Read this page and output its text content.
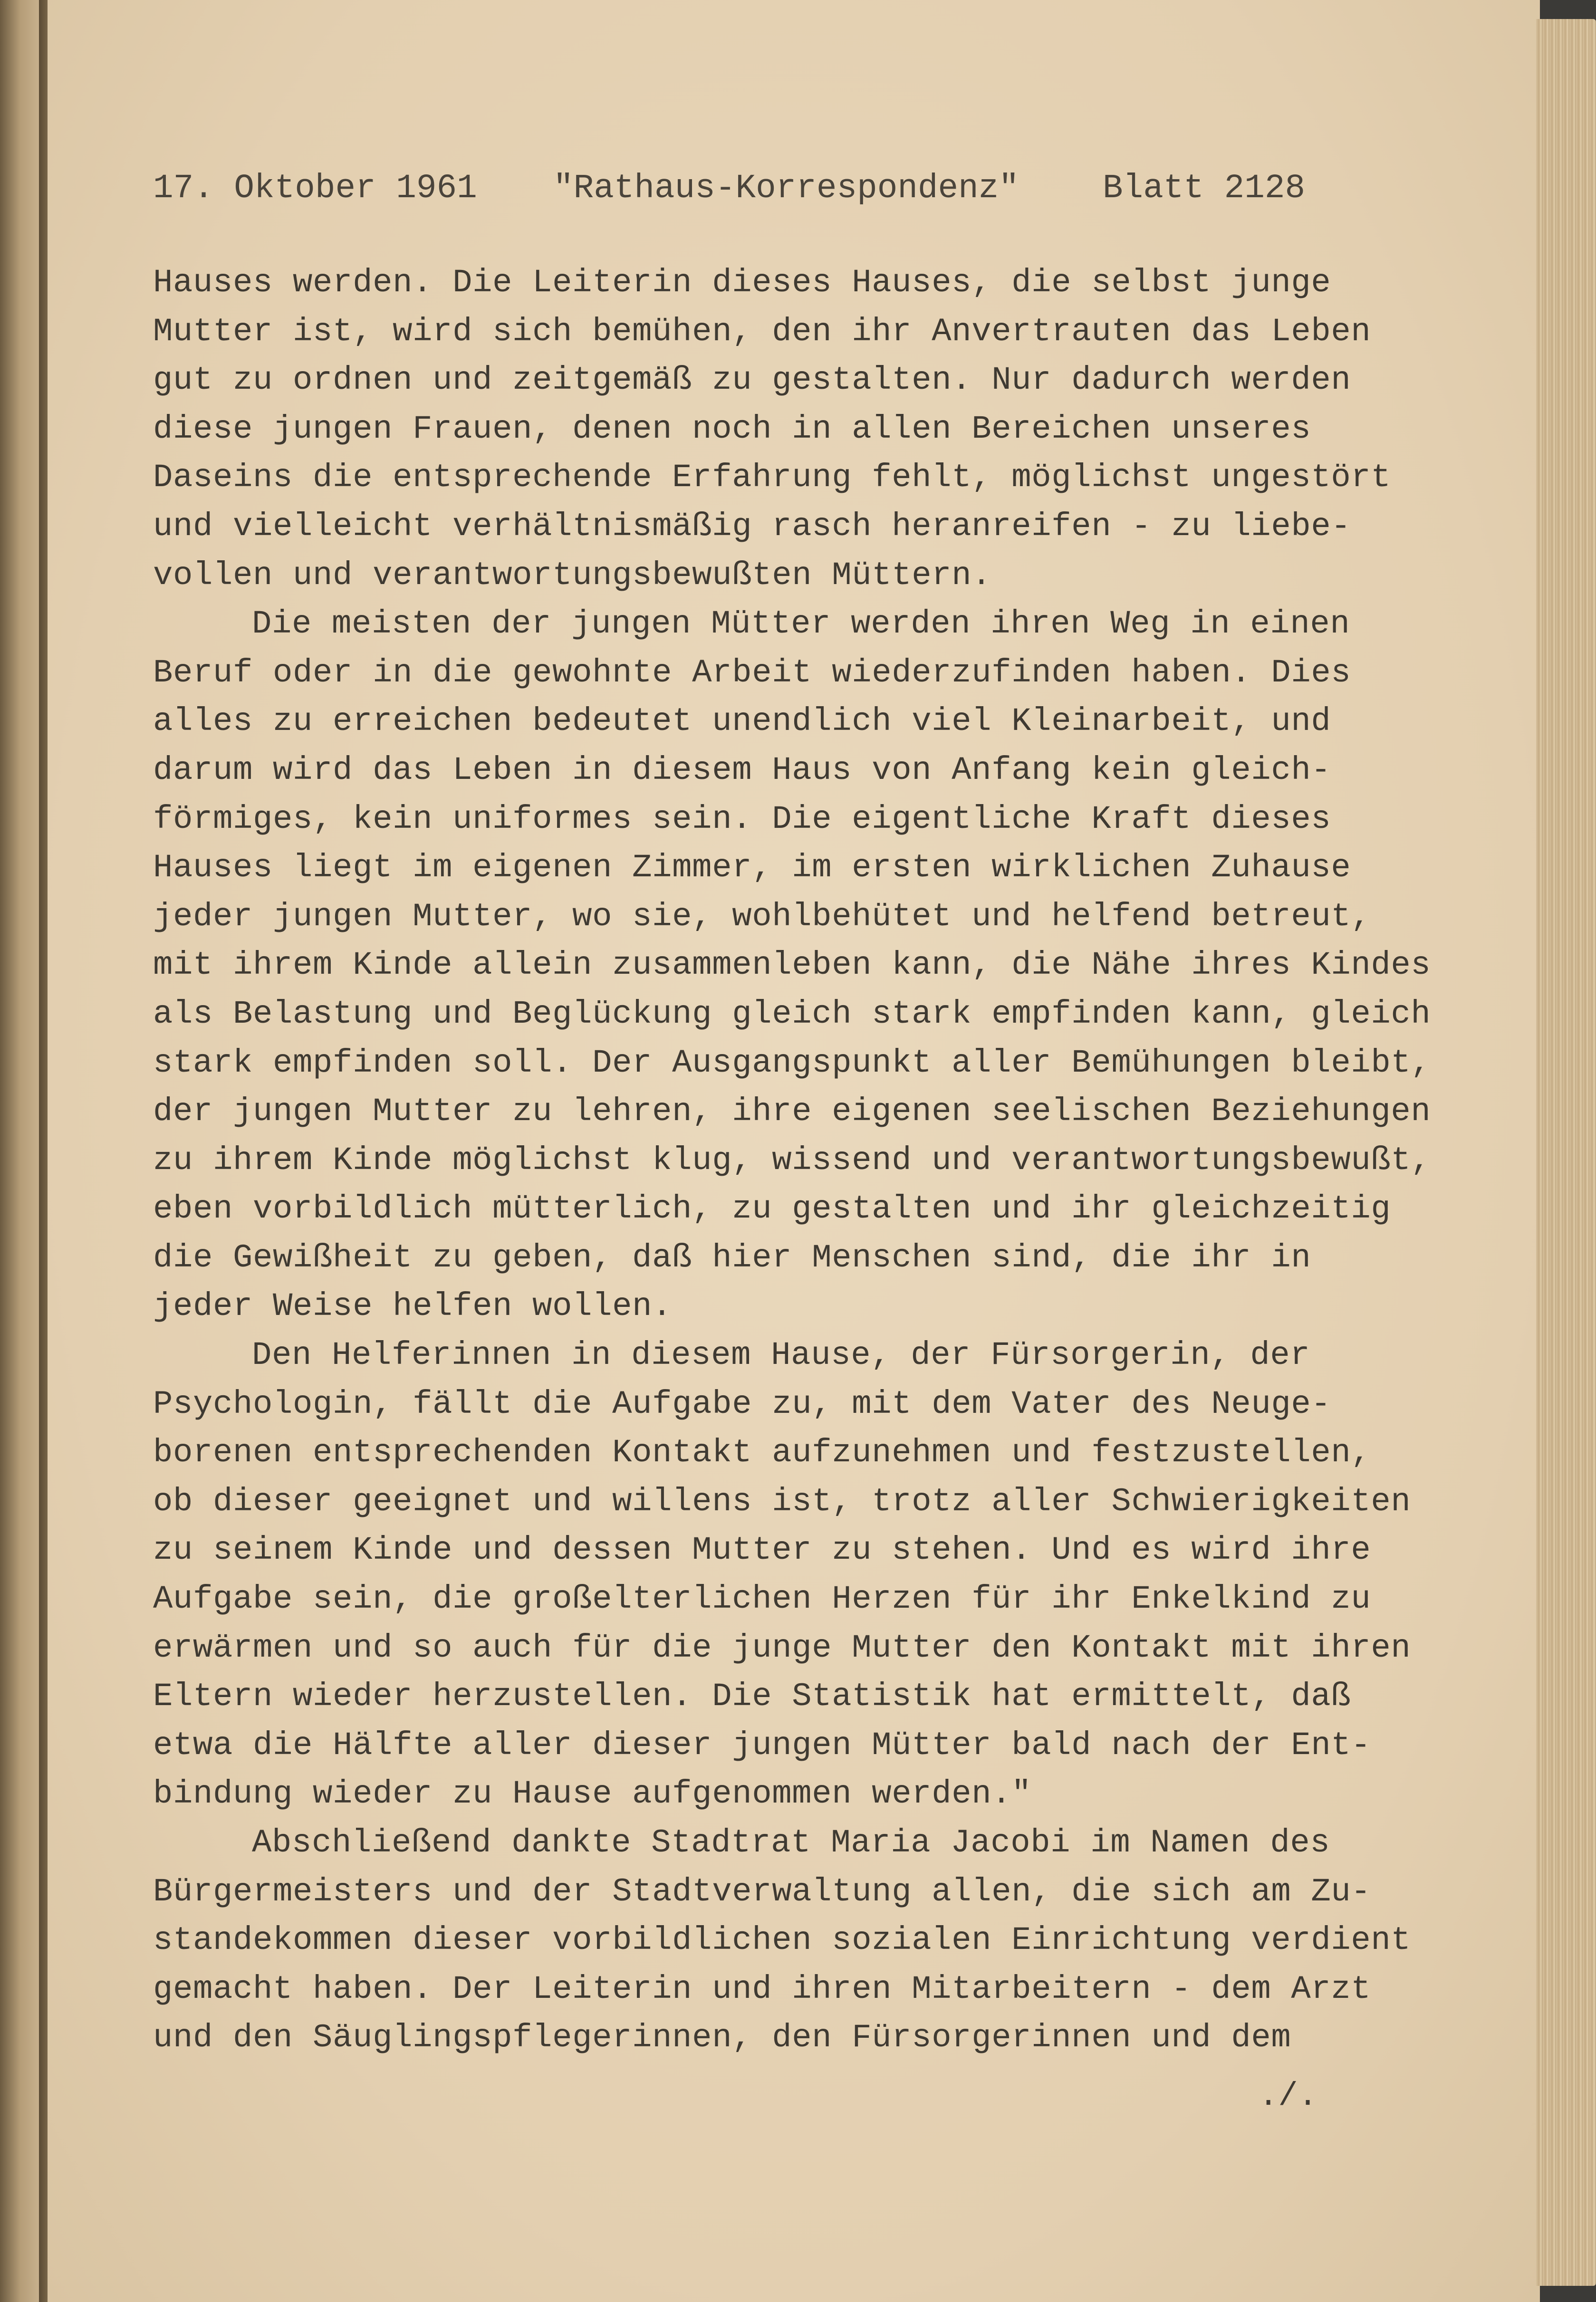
17. Oktober 1961

"Rathaus-Korrespondenz"

Blatt 2128

Hauses werden. Die Leiterin dieses Hauses, die selbst junge
Mutter ist, wird sich bemühen, den ihr Anvertrauten das Leben
gut zu ordnen und zeitgemäß zu gestalten. Nur dadurch werden
diese jungen Frauen, denen noch in allen Bereichen unseres
Daseins die entsprechende Erfahrung fehlt, möglichst ungestört
und vielleicht verhältnismäßig rasch heranreifen - zu liebe-
vollen und verantwortungsbewußten Müttern.
Die meisten der jungen Mütter werden ihren Weg in einen
Beruf oder in die gewohnte Arbeit wiederzufinden haben. Dies
alles zu erreichen bedeutet unendlich viel Kleinarbeit, und
darum wird das Leben in diesem Haus von Anfang kein gleich-
förmiges, kein uniformes sein. Die eigentliche Kraft dieses
Hauses liegt im eigenen Zimmer, im ersten wirklichen Zuhause
jeder jungen Mutter, wo sie, wohlbehütet und helfend betreut,
mit ihrem Kinde allein zusammenleben kann, die Nähe ihres Kindes
als Belastung und Beglückung gleich stark empfinden kann, gleich
stark empfinden soll. Der Ausgangspunkt aller Bemühungen bleibt,
der jungen Mutter zu lehren, ihre eigenen seelischen Beziehungen
zu ihrem Kinde möglichst klug, wissend und verantwortungsbewußt,
eben vorbildlich mütterlich, zu gestalten und ihr gleichzeitig
die Gewißheit zu geben, daß hier Menschen sind, die ihr in
jeder Weise helfen wollen.
Den Helferinnen in diesem Hause, der Fürsorgerin, der
Psychologin, fällt die Aufgabe zu, mit dem Vater des Neuge-
borenen entsprechenden Kontakt aufzunehmen und festzustellen,
ob dieser geeignet und willens ist, trotz aller Schwierigkeiten
zu seinem Kinde und dessen Mutter zu stehen. Und es wird ihre
Aufgabe sein, die großelterlichen Herzen für ihr Enkelkind zu
erwärmen und so auch für die junge Mutter den Kontakt mit ihren
Eltern wieder herzustellen. Die Statistik hat ermittelt, daß
etwa die Hälfte aller dieser jungen Mütter bald nach der Ent-
bindung wieder zu Hause aufgenommen werden."
Abschließend dankte Stadtrat Maria Jacobi im Namen des
Bürgermeisters und der Stadtverwaltung allen, die sich am Zu-
standekommen dieser vorbildlichen sozialen Einrichtung verdient
gemacht haben. Der Leiterin und ihren Mitarbeitern - dem Arzt
und den Säuglingspflegerinnen, den Fürsorgerinnen und dem
./.
